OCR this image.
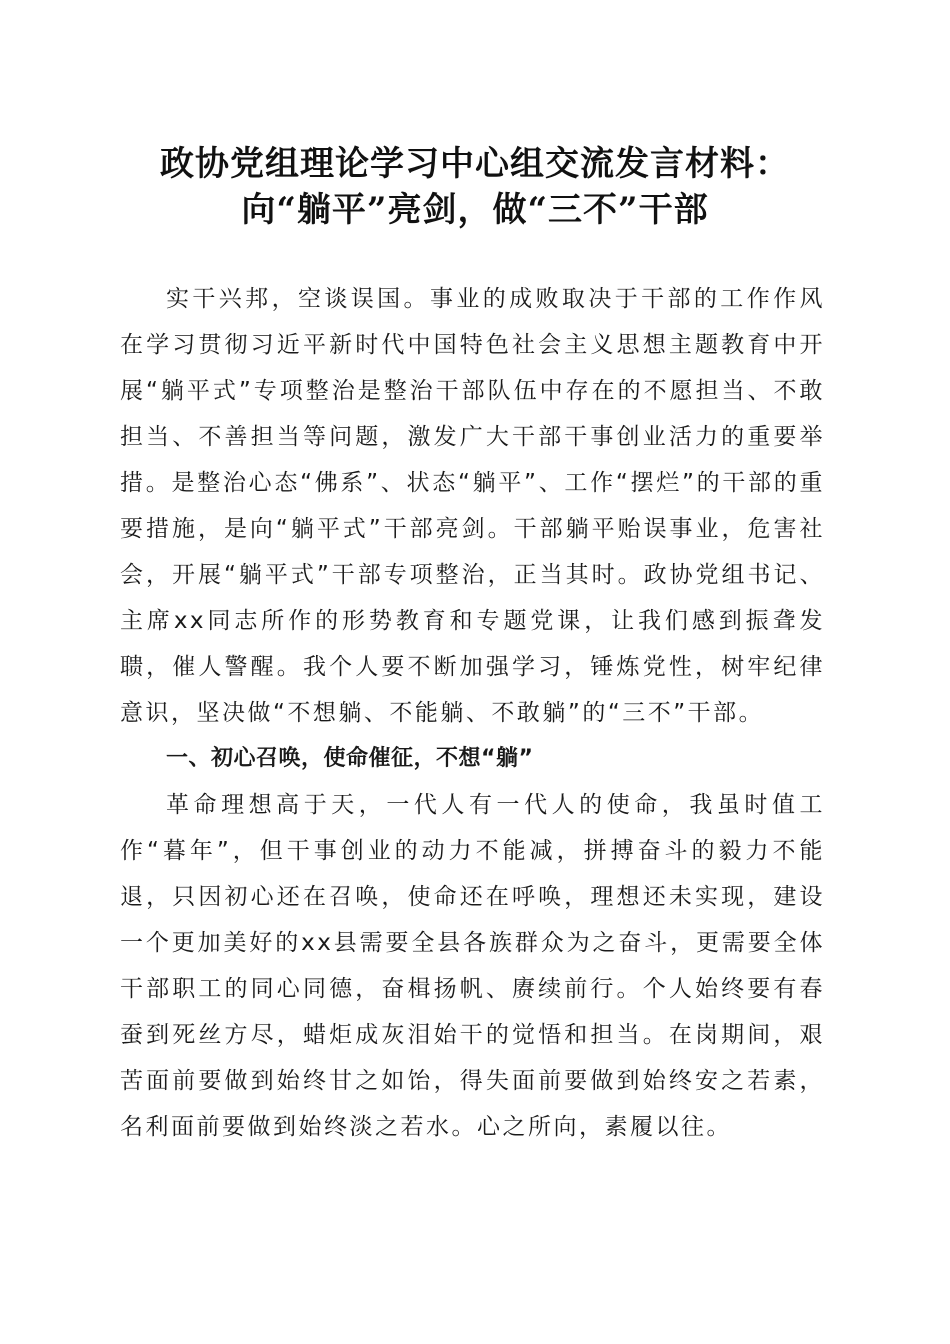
政协党组理论学习中心组交流发言材料：
向“躺平”亮剑，做“三不”干部

实干兴邦，空谈误国。事业的成败取决于干部的工作作风在学习贯彻习近平新时代中国特色社会主义思想主题教育中开展“躺平式”专项整治是整治干部队伍中存在的不愿担当、不敢担当、不善担当等问题，激发广大干部干事创业活力的重要举措。是整治心态“佛系”、状态“躺平”、工作“摆烂”的干部的重要措施，是向“躺平式”干部亮剑。干部躺平贻误事业，危害社会，开展“躺平式”干部专项整治，正当其时。政协党组书记、主席xx同志所作的形势教育和专题党课，让我们感到振聋发聩，催人警醒。我个人要不断加强学习，锤炼党性，树牢纪律意识，坚决做“不想躺、不能躺、不敢躺”的“三不”干部。

一、初心召唤，使命催征，不想“躺”

革命理想高于天，一代人有一代人的使命，我虽时值工作“暮年”，但干事创业的动力不能减，拼搏奋斗的毅力不能退，只因初心还在召唤，使命还在呼唤，理想还未实现，建设一个更加美好的xx县需要全县各族群众为之奋斗，更需要全体干部职工的同心同德，奋楫扬帆、赓续前行。个人始终要有春蚕到死丝方尽，蜡炬成灰泪始干的觉悟和担当。在岗期间，艰苦面前要做到始终甘之如饴，得失面前要做到始终安之若素，名利面前要做到始终淡之若水。心之所向，素履以往。
